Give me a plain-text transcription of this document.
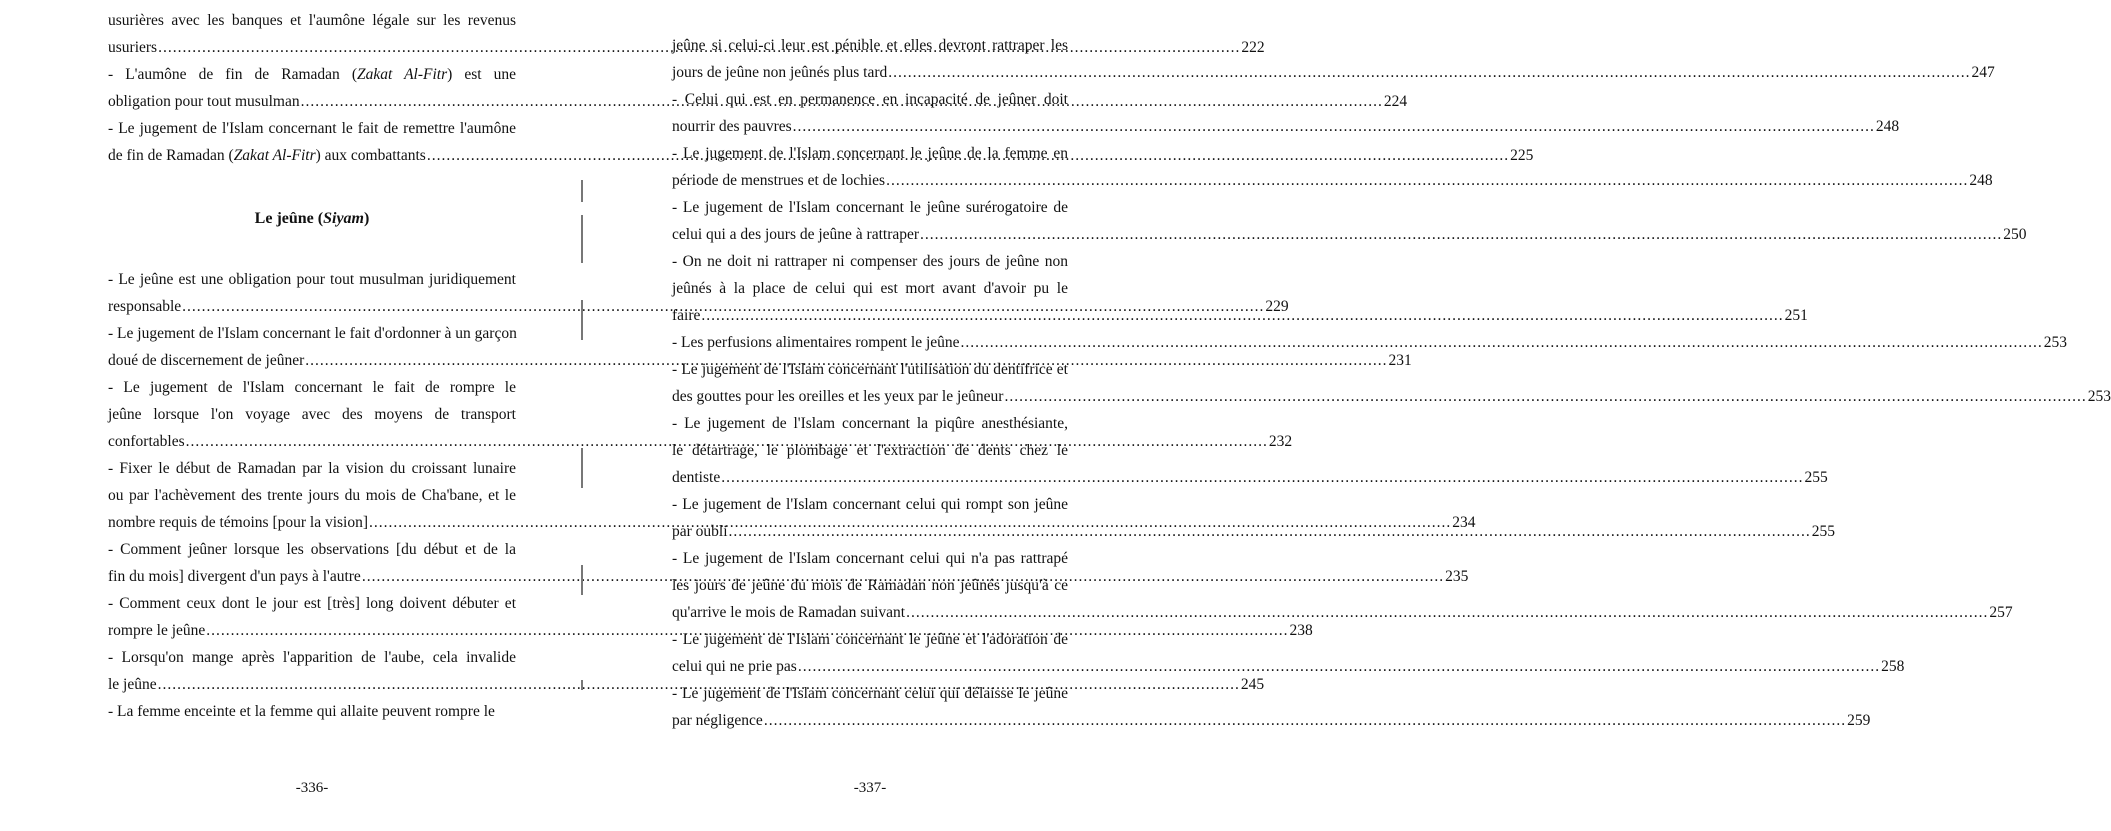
Le jeûne (Siyam)
-336-
usurières avec les banques et l'aumône légale sur les revenus
usuriers .....	222
- L'aumône de fin de Ramadan (Zakat Al-Fitr) est une
obligation pour tout musulman .....	224
- Le jugement de l'Islam concernant le fait de remettre l'aumône
de fin de Ramadan (Zakat Al-Fitr) aux combattants .....	225
- Le jeûne est une obligation pour tout musulman juridiquement
responsable .....	229
- Le jugement de l'Islam concernant le fait d'ordonner à un garçon
doué de discernement de jeûner .....	231
- Le jugement de l'Islam concernant le fait de rompre le
jeûne lorsque l'on voyage avec des moyens de transport
confortables .....	232
- Fixer le début de Ramadan par la vision du croissant lunaire
ou par l'achèvement des trente jours du mois de Cha'bane, et le
nombre requis de témoins [pour la vision] .....	234
- Comment jeûner lorsque les observations [du début et de la
fin du mois] divergent d'un pays à l'autre .....	235
- Comment ceux dont le jour est [très] long doivent débuter et
rompre le jeûne .....	238
- Lorsqu'on mange après l'apparition de l'aube, cela invalide
le jeûne .....	245
- La femme enceinte et la femme qui allaite peuvent rompre le
-337-
jeûne si celui-ci leur est pénible et elles devront rattraper les
jours de jeûne non jeûnés plus tard .....	247
- Celui qui est en permanence en incapacité de jeûner doit
nourrir des pauvres .....	248
- Le jugement de l'Islam concernant le jeûne de la femme en
période de menstrues et de lochies .....	248
- Le jugement de l'Islam concernant le jeûne surérogatoire de
celui qui a des jours de jeûne à rattraper .....	250
- On ne doit ni rattraper ni compenser des jours de jeûne non
jeûnés à la place de celui qui est mort avant d'avoir pu le
faire .....	251
- Les perfusions alimentaires rompent le jeûne .....	253
- Le jugement de l'Islam concernant l'utilisation du dentifrice et
des gouttes pour les oreilles et les yeux par le jeûneur .....	253
- Le jugement de l'Islam concernant la piqûre anesthésiante,
le détartrage, le plombage et l'extraction de dents chez le
dentiste .....	255
- Le jugement de l'Islam concernant celui qui rompt son jeûne
par oubli .....	255
- Le jugement de l'Islam concernant celui qui n'a pas rattrapé
les jours de jeûne du mois de Ramadan non jeûnés jusqu'à ce
qu'arrive le mois de Ramadan suivant .....	257
- Le jugement de l'Islam concernant le jeûne et l'adoration de
celui qui ne prie pas .....	258
- Le jugement de l'Islam concernant celui qui délaisse le jeûne
par négligence .....	259
